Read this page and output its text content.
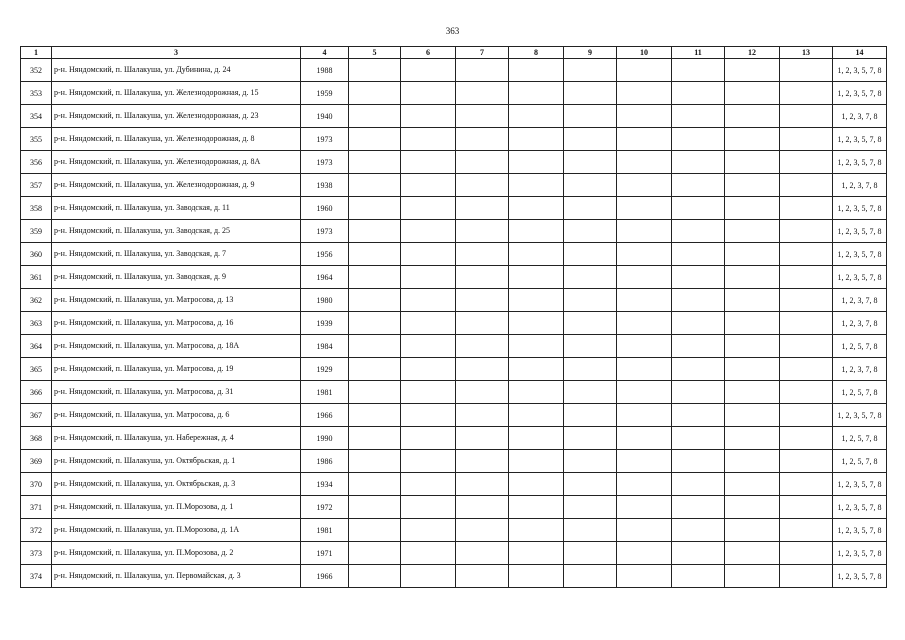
363
1	3	4	5	6	7	8	9	10	11	12	13	14
352	р-н. Няндомский, п. Шалакуша, ул. Дубинина, д. 24	1988										1, 2, 3, 5, 7, 8
353	р-н. Няндомский, п. Шалакуша, ул. Железнодорожная, д. 15	1959										1, 2, 3, 5, 7, 8
354	р-н. Няндомский, п. Шалакуша, ул. Железнодорожная, д. 23	1940										1, 2, 3, 7, 8
355	р-н. Няндомский, п. Шалакуша, ул. Железнодорожная, д. 8	1973										1, 2, 3, 5, 7, 8
356	р-н. Няндомский, п. Шалакуша, ул. Железнодорожная, д. 8А	1973										1, 2, 3, 5, 7, 8
357	р-н. Няндомский, п. Шалакуша, ул. Железнодорожная, д. 9	1938										1, 2, 3, 7, 8
358	р-н. Няндомский, п. Шалакуша, ул. Заводская, д. 11	1960										1, 2, 3, 5, 7, 8
359	р-н. Няндомский, п. Шалакуша, ул. Заводская, д. 25	1973										1, 2, 3, 5, 7, 8
360	р-н. Няндомский, п. Шалакуша, ул. Заводская, д. 7	1956										1, 2, 3, 5, 7, 8
361	р-н. Няндомский, п. Шалакуша, ул. Заводская, д. 9	1964										1, 2, 3, 5, 7, 8
362	р-н. Няндомский, п. Шалакуша, ул. Матросова, д. 13	1980										1, 2, 3, 7, 8
363	р-н. Няндомский, п. Шалакуша, ул. Матросова, д. 16	1939										1, 2, 3, 7, 8
364	р-н. Няндомский, п. Шалакуша, ул. Матросова, д. 18А	1984										1, 2, 5, 7, 8
365	р-н. Няндомский, п. Шалакуша, ул. Матросова, д. 19	1929										1, 2, 3, 7, 8
366	р-н. Няндомский, п. Шалакуша, ул. Матросова, д. 31	1981										1, 2, 5, 7, 8
367	р-н. Няндомский, п. Шалакуша, ул. Матросова, д. 6	1966										1, 2, 3, 5, 7, 8
368	р-н. Няндомский, п. Шалакуша, ул. Набережная, д. 4	1990										1, 2, 5, 7, 8
369	р-н. Няндомский, п. Шалакуша, ул. Октябрьская, д. 1	1986										1, 2, 5, 7, 8
370	р-н. Няндомский, п. Шалакуша, ул. Октябрьская, д. 3	1934										1, 2, 3, 5, 7, 8
371	р-н. Няндомский, п. Шалакуша, ул. П.Морозова, д. 1	1972										1, 2, 3, 5, 7, 8
372	р-н. Няндомский, п. Шалакуша, ул. П.Морозова, д. 1А	1981										1, 2, 3, 5, 7, 8
373	р-н. Няндомский, п. Шалакуша, ул. П.Морозова, д. 2	1971										1, 2, 3, 5, 7, 8
374	р-н. Няндомский, п. Шалакуша, ул. Первомайская, д. 3	1966										1, 2, 3, 5, 7, 8
